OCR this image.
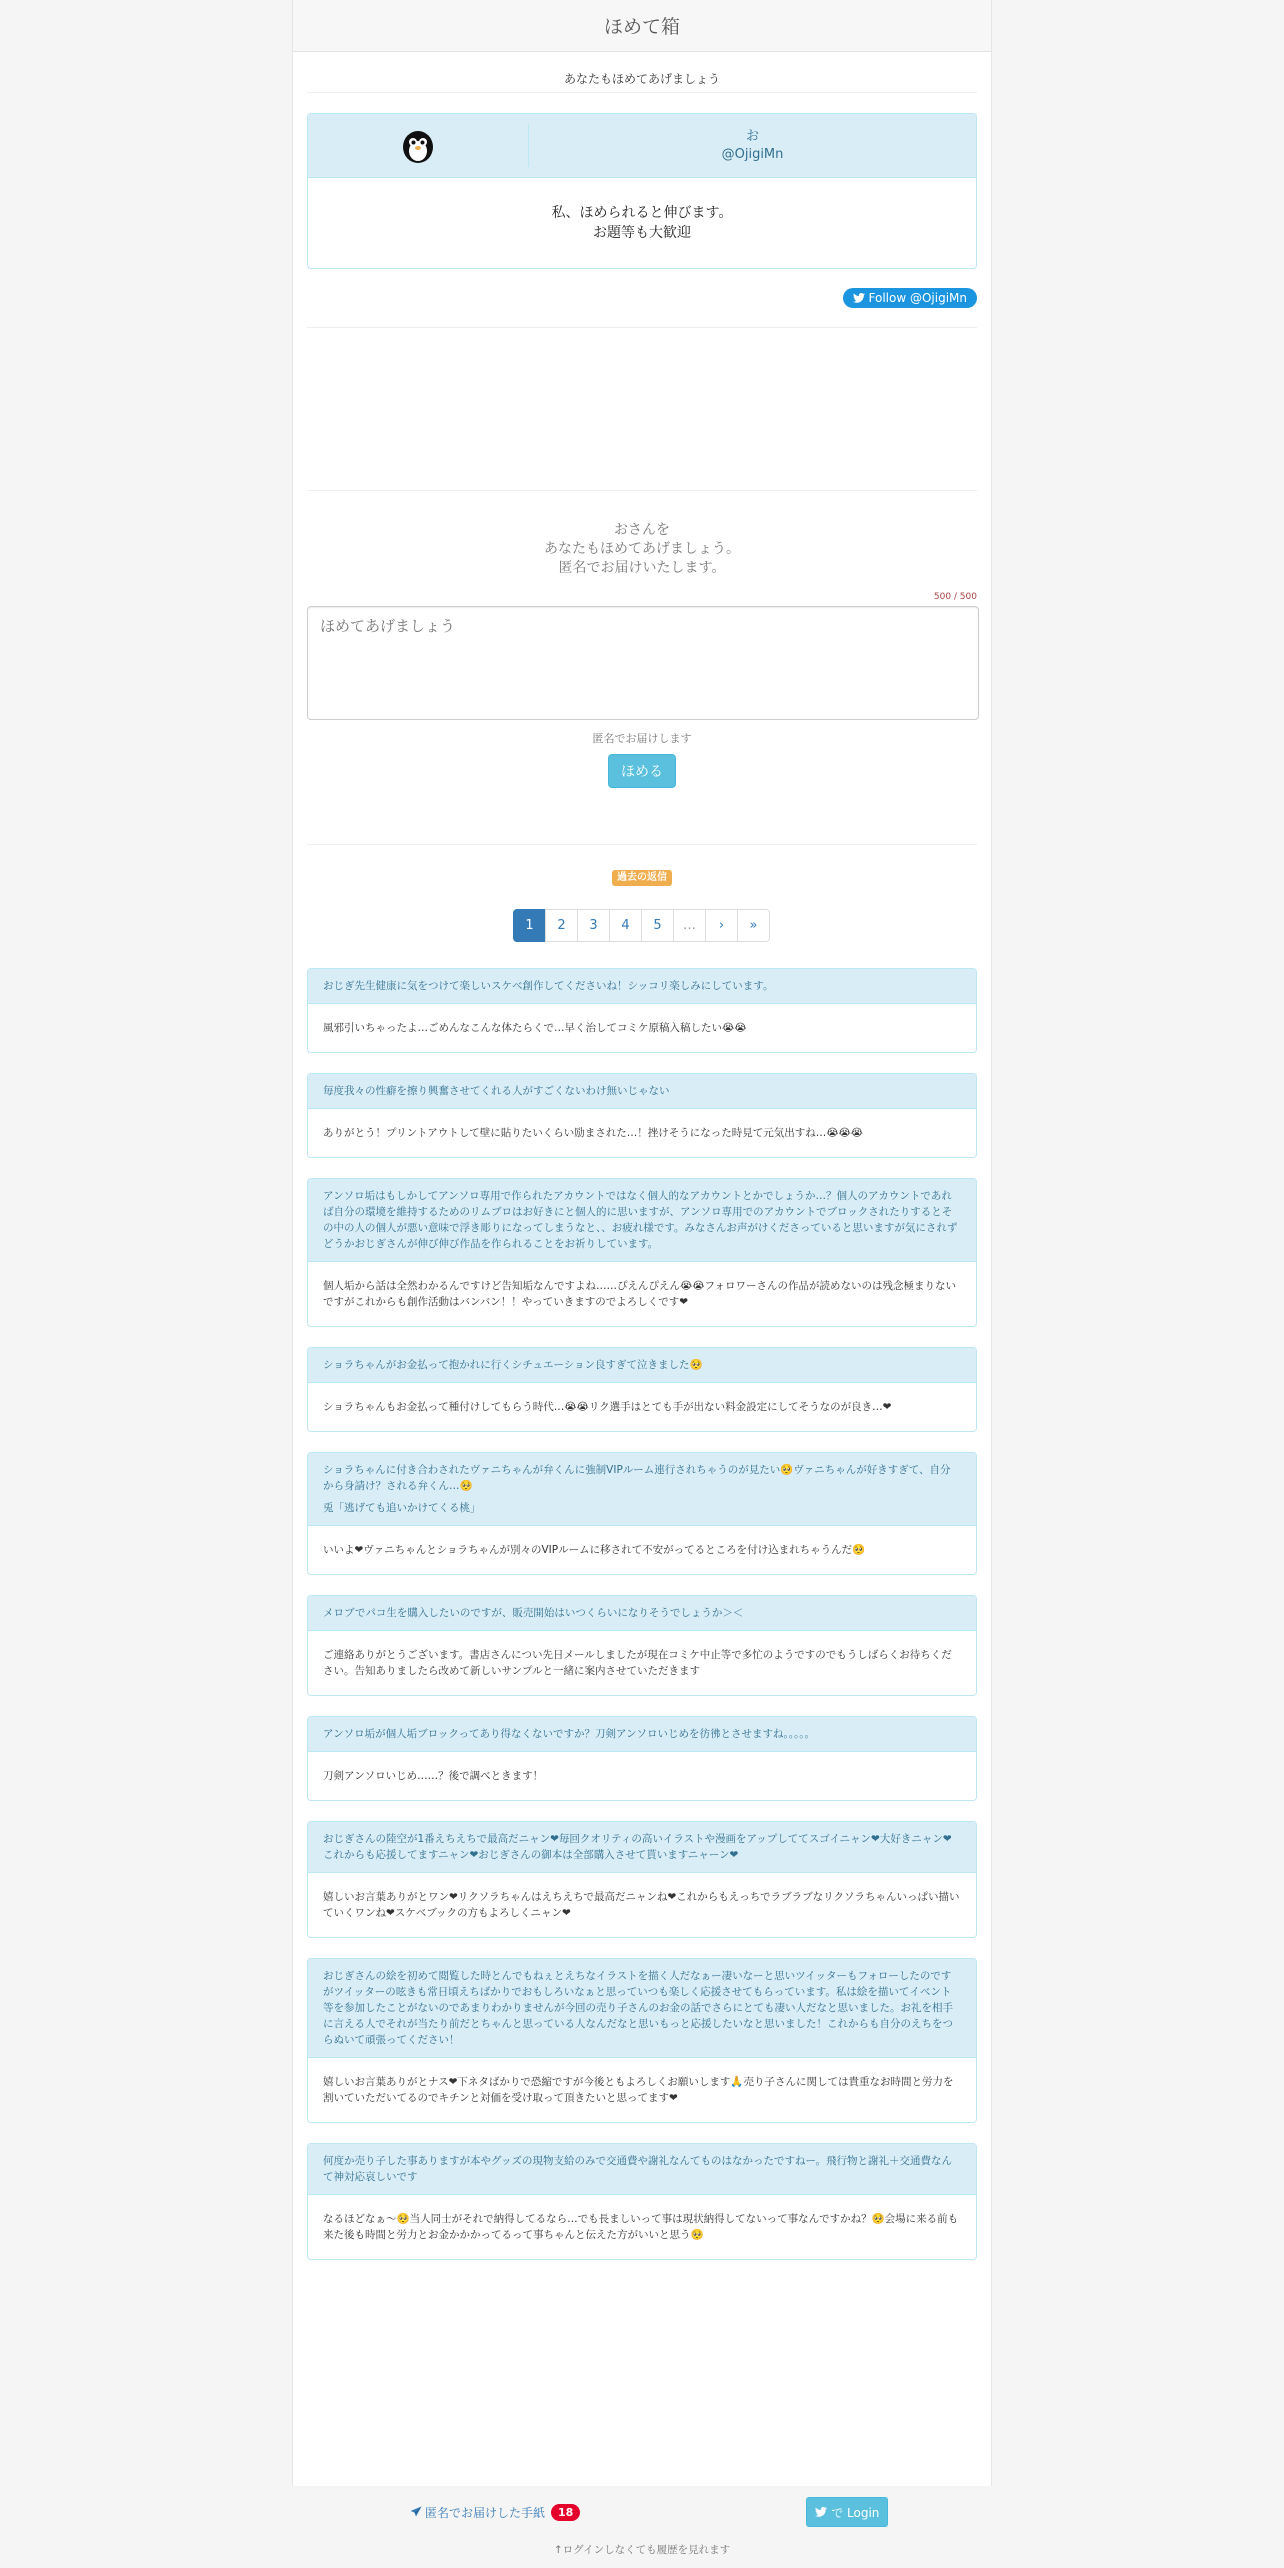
ほめて箱
あなたもほめてあげましょう
お
@OjigiMn
私、ほめられると伸びます。
お題等も大歓迎
Follow @OjigiMn
おさんを
あなたもほめてあげましょう。
匿名でお届けいたします。
500 / 500
ほめてあげましょう
匿名でお届けします
ほめる
過去の返信
1	2	3	4	5	…	›	»

おじぎ先生健康に気をつけて楽しいスケベ創作してくださいね！シッコリ楽しみにしています。

風邪引いちゃったよ…ごめんなこんな体たらくで…早く治してコミケ原稿入稿したい😭😭

毎度我々の性癖を擦り興奮させてくれる人がすごくないわけ無いじゃない

ありがとう！プリントアウトして壁に貼りたいくらい励まされた…！挫けそうになった時見て元気出すね…😭😭😭

アンソロ垢はもしかしてアンソロ専用で作られたアカウントではなく個人的なアカウントとかでしょうか…？個人のアカウントであれば自分の環境を維持するためのリムブロはお好きにと個人的に思いますが、アンソロ専用でのアカウントでブロックされたりするとその中の人の個人が悪い意味で浮き彫りになってしまうなと、、お疲れ様です。みなさんお声がけくださっていると思いますが気にされずどうかおじぎさんが伸び伸び作品を作られることをお祈りしています。

個人垢から話は全然わかるんですけど告知垢なんですよね……ぴえんぴえん😭😭フォロワーさんの作品が読めないのは残念極まりないですがこれからも創作活動はバンバン！！やっていきますのでよろしくです❤

ショラちゃんがお金払って抱かれに行くシチュエーション良すぎて泣きました🥺

ショラちゃんもお金払って種付けしてもらう時代…😭😭リク選手はとても手が出ない料金設定にしてそうなのが良き…❤

ショラちゃんに付き合わされたヴァニちゃんが弁くんに強制VIPルーム連行されちゃうのが見たい🥺ヴァニちゃんが好きすぎて、自分から身請け？される弁くん…🥺

兎「逃げても追いかけてくる桃」

いいよ❤ヴァニちゃんとショラちゃんが別々のVIPルームに移されて不安がってるところを付け込まれちゃうんだ🥺

メロブでパコ生を購入したいのですが、販売開始はいつくらいになりそうでしょうか＞＜

ご連絡ありがとうございます。書店さんについ先日メールしましたが現在コミケ中止等で多忙のようですのでもうしばらくお待ちください。告知ありましたら改めて新しいサンプルと一緒に案内させていただきます

アンソロ垢が個人垢ブロックってあり得なくないですか？刀剣アンソロいじめを彷彿とさせますね。。。。。

刀剣アンソロいじめ……？後で調べときます！

おじぎさんの陸空が1番えちえちで最高だニャン❤毎回クオリティの高いイラストや漫画をアップしててスゴイニャン❤大好きニャン❤これからも応援してますニャン❤おじぎさんの御本は全部購入させて貰いますニャーン❤

嬉しいお言葉ありがとワン❤リクソラちゃんはえちえちで最高だニャンね❤これからもえっちでラブラブなリクソラちゃんいっぱい描いていくワンね❤スケベブックの方もよろしくニャン❤

おじぎさんの絵を初めて閲覧した時とんでもねぇとえちなイラストを描く人だなぁー凄いなーと思いツイッターもフォローしたのですがツイッターの呟きも常日頃えちばかりでおもしろいなぁと思っていつも楽しく応援させてもらっています。私は絵を描いてイベント等を参加したことがないのであまりわかりませんが今回の売り子さんのお金の話でさらにとても凄い人だなと思いました。お礼を相手に言える人でそれが当たり前だとちゃんと思っている人なんだなと思いもっと応援したいなと思いました！これからも自分のえちをつらぬいて頑張ってください！

嬉しいお言葉ありがとナス❤下ネタばかりで恐縮ですが今後ともよろしくお願いします🙏売り子さんに関しては貴重なお時間と労力を割いていただいてるのでキチンと対価を受け取って頂きたいと思ってます❤

何度か売り子した事ありますが本やグッズの現物支給のみで交通費や謝礼なんてものはなかったですねー。飛行物と謝礼＋交通費なんて神対応哀しいです

なるほどなぁ〜🥺当人同士がそれで納得してるなら…でも長ましいって事は現状納得してないって事なんですかね？🥺会場に来る前も来た後も時間と労力とお金かかかってるって事ちゃんと伝えた方がいいと思う🥺
匿名でお届けした手紙	18	で Login
↑ログインしなくても履歴を見れます
